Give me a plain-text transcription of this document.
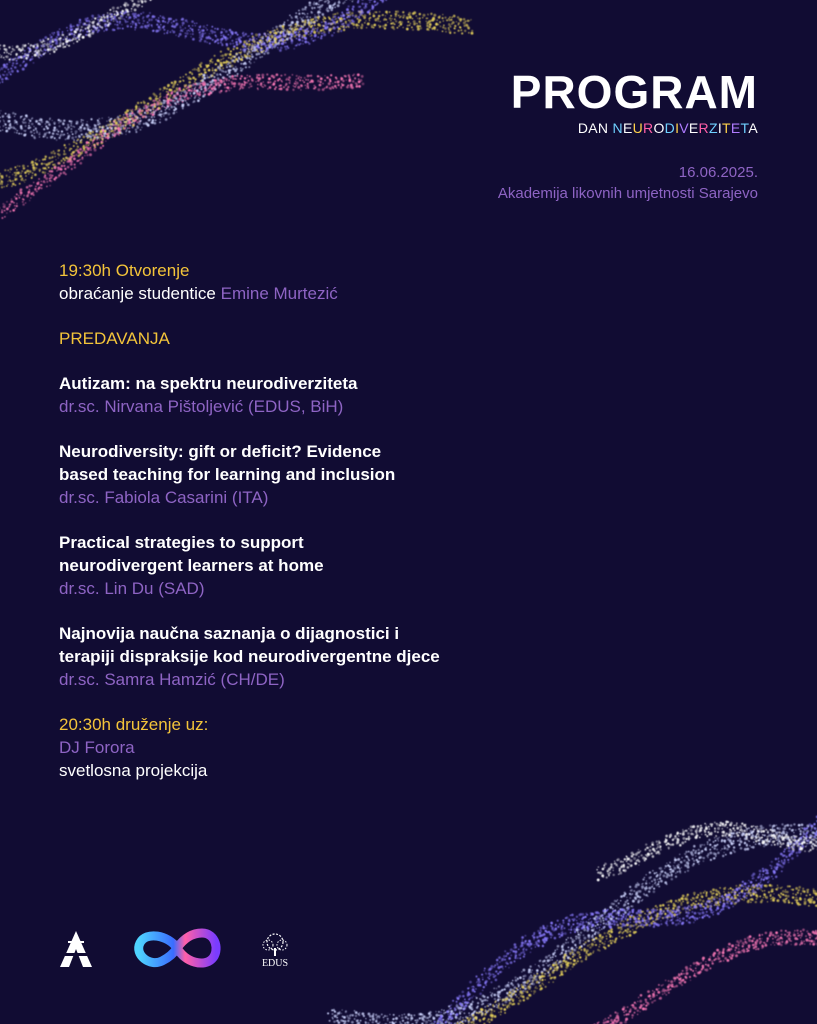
PROGRAM
DAN NEURODIVERZITETA
16.06.2025.
Akademija likovnih umjetnosti Sarajevo
19:30h Otvorenje
obraćanje studentice Emine Murtezić
PREDAVANJA
Autizam: na spektru neurodiverziteta
dr.sc. Nirvana Pištoljević (EDUS, BiH)
Neurodiversity: gift or deficit? Evidence
based teaching for learning and inclusion
dr.sc. Fabiola Casarini (ITA)
Practical strategies to support
neurodivergent learners at home
dr.sc. Lin Du (SAD)
Najnovija naučna saznanja o dijagnostici i
terapiji dispraksije kod neurodivergentne djece
dr.sc. Samra Hamzić (CH/DE)
20:30h druženje uz:
DJ Forora
svetlosna projekcija
EDUS
